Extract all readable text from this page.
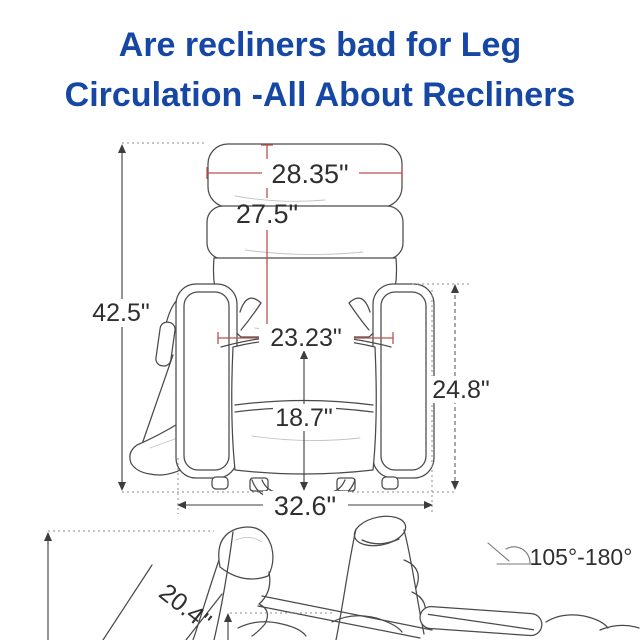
Are recliners bad for Leg
Circulation -All About Recliners
28.35"
27.5"
42.5"
23.23"
24.8"
18.7"
32.6"
20.4"
105°-180°
